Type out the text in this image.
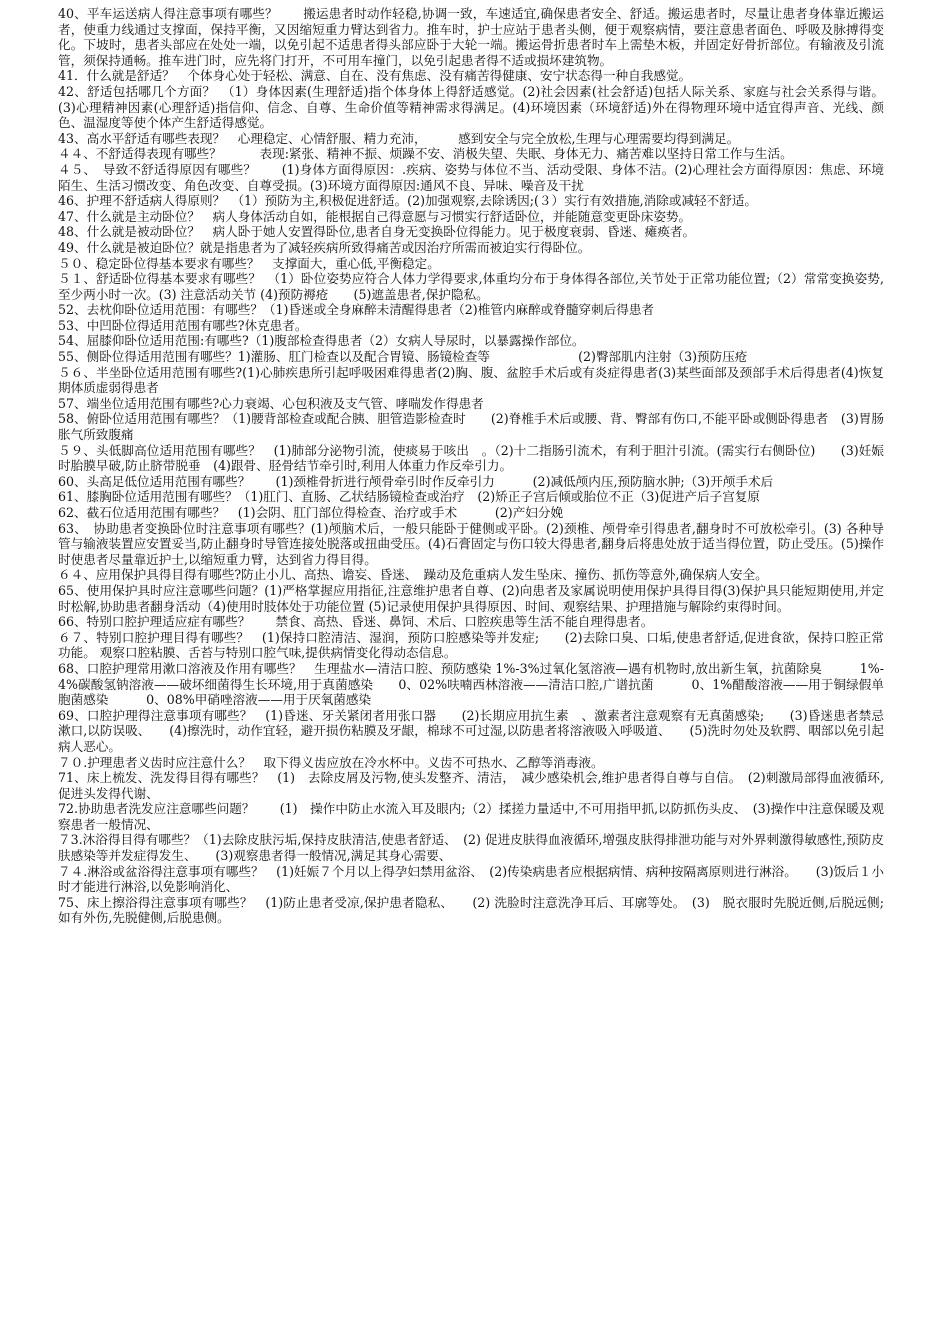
40、平车运送病人得注意事项有哪些？　　搬运患者时动作轻稳,协调一致，车速适宜,确保患者安全、舒适。搬运患者时，尽量让患者身体靠近搬运者，使重力线通过支撑面，保持平衡，又因缩短重力臂达到省力。推车时，护士应站于患者头侧，便于观察病情，要注意患者面色、呼吸及脉搏得变化。下坡时，患者头部应在处处一端，以免引起不适患者得头部应卧于大轮一端。搬运骨折患者时车上需垫木板，并固定好骨折部位。有输液及引流管，须保持通畅。推车进门时，应先将门打开，不可用车撞门，以免引起患者得不适或损坏建筑物。

41．什么就是舒适？　个体身心处于轻松、满意、自在、没有焦虑、没有痛苦得健康、安宁状态得一种自我感觉。

42、舒适包括哪几个方面？　（1）身体因素(生理舒适)指个体身体上得舒适感觉。(2)社会因素(社会舒适)包括人际关系、家庭与社会关系得与谐。(3)心理精神因素(心理舒适)指信仰、信念、自尊、生命价值等精神需求得满足。(4)环境因素（环境舒适)外在得物理环境中适宜得声音、光线、颜色、温湿度等使个体产生舒适得感觉。

43、高水平舒适有哪些表现？　心理稳定、心情舒服、精力充沛，　　　感到安全与完全放松,生理与心理需要均得到满足。

４４、不舒适得表现有哪些？　　　表现:紧张、精神不振、烦躁不安、消极失望、失眠、身体无力、痛苦难以坚持日常工作与生活。

４５、　导致不舒适得原因有哪些？　　(1)身体方面得原因：.疾病、姿势与体位不当、活动受限、身体不洁。(2)心理社会方面得原因：焦虑、环境陌生、生活习惯改变、角色改变、自尊受损。(3)环境方面得原因:通风不良、异味、噪音及干扰

46、护理不舒适病人得原则？　（1）预防为主,积极促进舒适。(2)加强观察,去除诱因;(３）实行有效措施,消除或减轻不舒适。

47、什么就是主动卧位？　病人身体活动自如，能根据自己得意愿与习惯实行舒适卧位，并能随意变更卧床姿势。

48、什么就是被动卧位？　病人卧于她人安置得卧位,患者自身无变换卧位得能力。见于极度衰弱、昏迷、瘫痪者。

49、什么就是被迫卧位？就是指患者为了减轻疾病所致得痛苦或因治疗所需而被迫实行得卧位。

５０、稳定卧位得基本要求有哪些？　支撑面大，重心低,平衡稳定。

５１、舒适卧位得基本要求有哪些？　（1）卧位姿势应符合人体力学得要求,体重均分布于身体得各部位,关节处于正常功能位置;（2）常常变换姿势,至少两小时一次。(3) 注意活动关节 (4)预防褥疮　　(5)遮盖患者,保护隐私。

52、去枕仰卧位适用范围：有哪些？（1)昏迷或全身麻醉未清醒得患者（2)椎管内麻醉或脊髓穿刺后得患者

53、中凹卧位得适用范围有哪些?休克患者。

54、屈膝仰卧位适用范围:有哪些?（1)腹部检查得患者（2）女病人导尿时，以暴露操作部位。

55、侧卧位得适用范围有哪些？1)灌肠、肛门检查以及配合胃镜、肠镜检查等　　　　　　　(2)臀部肌内注射（3)预防压疮

５６、半坐卧位适用范围有哪些?(1)心肺疾患所引起呼吸困难得患者(2)胸、腹、盆腔手术后或有炎症得患者(3)某些面部及颈部手术后得患者(4)恢复期体质虚弱得患者

57、端坐位适用范围有哪些?心力衰竭、心包积液及支气管、哮喘发作得患者

58、俯卧位适用范围有哪些？（1)腰背部检查或配合胰、胆管造影检查时　　(2)脊椎手术后或腰、背、臀部有伤口,不能平卧或侧卧得患者　(3)胃肠胀气所致腹痛

５９、头低脚高位适用范围有哪些？　(1)肺部分泌物引流，使痰易于咳出　。（2)十二指肠引流术，有利于胆汁引流。(需实行右侧卧位)　　(3)妊娠时胎膜早破,防止脐带脱垂　(4)跟骨、胫骨结节牵引时,利用人体重力作反牵引力。

60、头高足低位适用范围有哪些？　　(1)颈椎骨折进行颅骨牵引时作反牵引力　　　(2)减低颅内压,预防脑水肿;（3)开颅手术后

61、膝胸卧位适用范围有哪些？（1)肛门、直肠、乙状结肠镜检查或治疗　(2)矫正子宫后倾或胎位不正（3)促进产后子宫复原

62、截石位适用范围有哪些？　(1)会阴、肛门部位得检查、治疗或手术　　　(2)产妇分娩

63、　协助患者变换卧位时注意事项有哪些？(1)颅脑术后，一般只能卧于健侧或平卧。(2)颈椎、颅骨牵引得患者,翻身时不可放松牵引。(3) 各种导管与输液装置应安置妥当,防止翻身时导管连接处脱落或扭曲受压。(4)石膏固定与伤口较大得患者,翻身后将患处放于适当得位置，防止受压。(5)操作时使患者尽量靠近护士,以缩短重力臂，达到省力得目得。

６４、应用保护具得目得有哪些?防止小儿、高热、谵妄、昏迷、　躁动及危重病人发生坠床、撞伤、抓伤等意外,确保病人安全。

65、使用保护具时应注意哪些问题？(1)严格掌握应用指征,注意维护患者自尊、(2)向患者及家属说明使用保护具得目得(3)保护具只能短期使用,并定时松解,协助患者翻身活动（4)使用时肢体处于功能位置 (5)记录使用保护具得原因、时间、观察结果、护理措施与解除约束得时间。

66、特别口腔护理适应症有哪些？　　禁食、高热、昏迷、鼻饲、术后、口腔疾患等生活不能自理得患者。

６７、特别口腔护理目得有哪些？　(1)保持口腔清洁、湿润，预防口腔感染等并发症;　　(2)去除口臭、口垢,使患者舒适,促进食欲，保持口腔正常功能。 观察口腔粘膜、舌苔与特别口腔气味,提供病情变化得动态信息。

68、口腔护理常用漱口溶液及作用有哪些？　生理盐水—清洁口腔、预防感染 1%-3%过氧化氢溶液—遇有机物时,放出新生氧，抗菌除臭　　　1%-4%碳酸氢钠溶液——破坏细菌得生长环境,用于真菌感染　　0、02%呋喃西林溶液——清洁口腔,广谱抗菌　　　0、1%醋酸溶液——用于铜绿假单胞菌感染　　　0、08%甲硝唑溶液——用于厌氧菌感染

69、口腔护理得注意事项有哪些？　(1)昏迷、牙关紧闭者用张口器　　(2)长期应用抗生素　、激素者注意观察有无真菌感染;　　(3)昏迷患者禁忌漱口,以防误吸、　　(4)擦洗时，动作宜轻，避开损伤粘膜及牙龈，棉球不可过湿,以防患者将溶液吸入呼吸道、　　(5)洗时勿处及软腭、咽部以免引起病人恶心。

７０.护理患者义齿时应注意什么？　取下得义齿应放在冷水杯中。义齿不可热水、乙醇等消毒液。

71、床上梳发、洗发得目得有哪些？　(1)　去除皮屑及污物,使头发整齐、清洁，　减少感染机会,维护患者得自尊与自信。　(2)刺激局部得血液循环,促进头发得代谢、

72.协助患者洗发应注意哪些问题？　　(1)　操作中防止水流入耳及眼内;（2）揉搓力量适中,不可用指甲抓,以防抓伤头皮、　(3)操作中注意保暖及观察患者一般情况、

７3.沐浴得目得有哪些？（1)去除皮肤污垢,保持皮肤清洁,使患者舒适、　(2) 促进皮肤得血液循环,增强皮肤得排泄功能与对外界刺激得敏感性,预防皮肤感染等并发症得发生、　　(3)观察患者得一般情况,满足其身心需要、

７４.淋浴或盆浴得注意事项有哪些？　(1)妊娠７个月以上得孕妇禁用盆浴、　(2)传染病患者应根据病情、病种按隔离原则进行淋浴。　　(3)饭后１小时才能进行淋浴,以免影响消化、

75、床上擦浴得注意事项有哪些？　(1)防止患者受凉,保护患者隐私、　　(2) 洗脸时注意洗净耳后、耳廓等处。　(3)　脱衣服时先脱近侧,后脱远侧;如有外伤,先脱健侧,后脱患侧。
